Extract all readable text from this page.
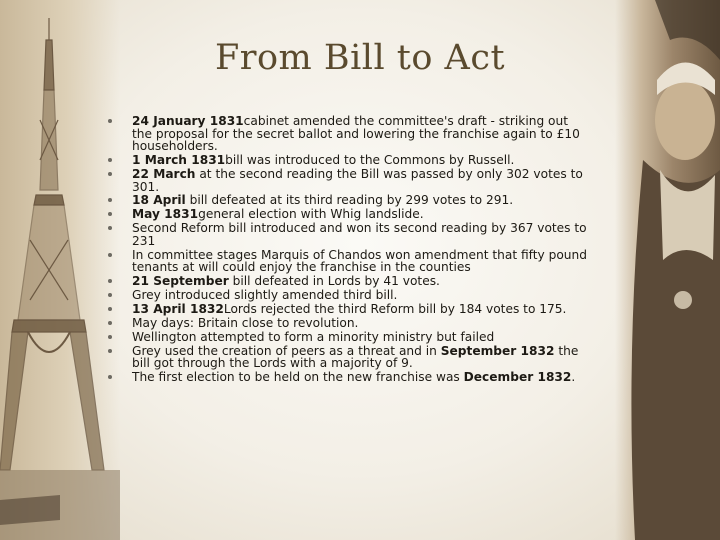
From Bill to Act
24 January 1831cabinet amended the committee's draft - striking out the proposal for the secret ballot and lowering the franchise again to £10 householders.
1 March 1831bill was introduced to the Commons by Russell.
22 March at the second reading the Bill was passed by only 302 votes to 301.
18 April bill defeated at its third reading by 299 votes to 291.
May 1831general election with Whig landslide.
Second Reform bill introduced and won its second reading by 367 votes to 231
In committee stages Marquis of Chandos won amendment that fifty pound tenants at will could enjoy the franchise in the counties
21 September bill defeated in Lords by 41 votes.
Grey introduced slightly amended third bill.
13 April 1832Lords rejected the third Reform bill by 184 votes to 175.
May days: Britain close to revolution.
Wellington attempted to form a minority ministry but failed
Grey used the creation of peers as a threat and in September 1832 the bill got through the Lords with a majority of 9.
The first election to be held on the new franchise was December 1832.
